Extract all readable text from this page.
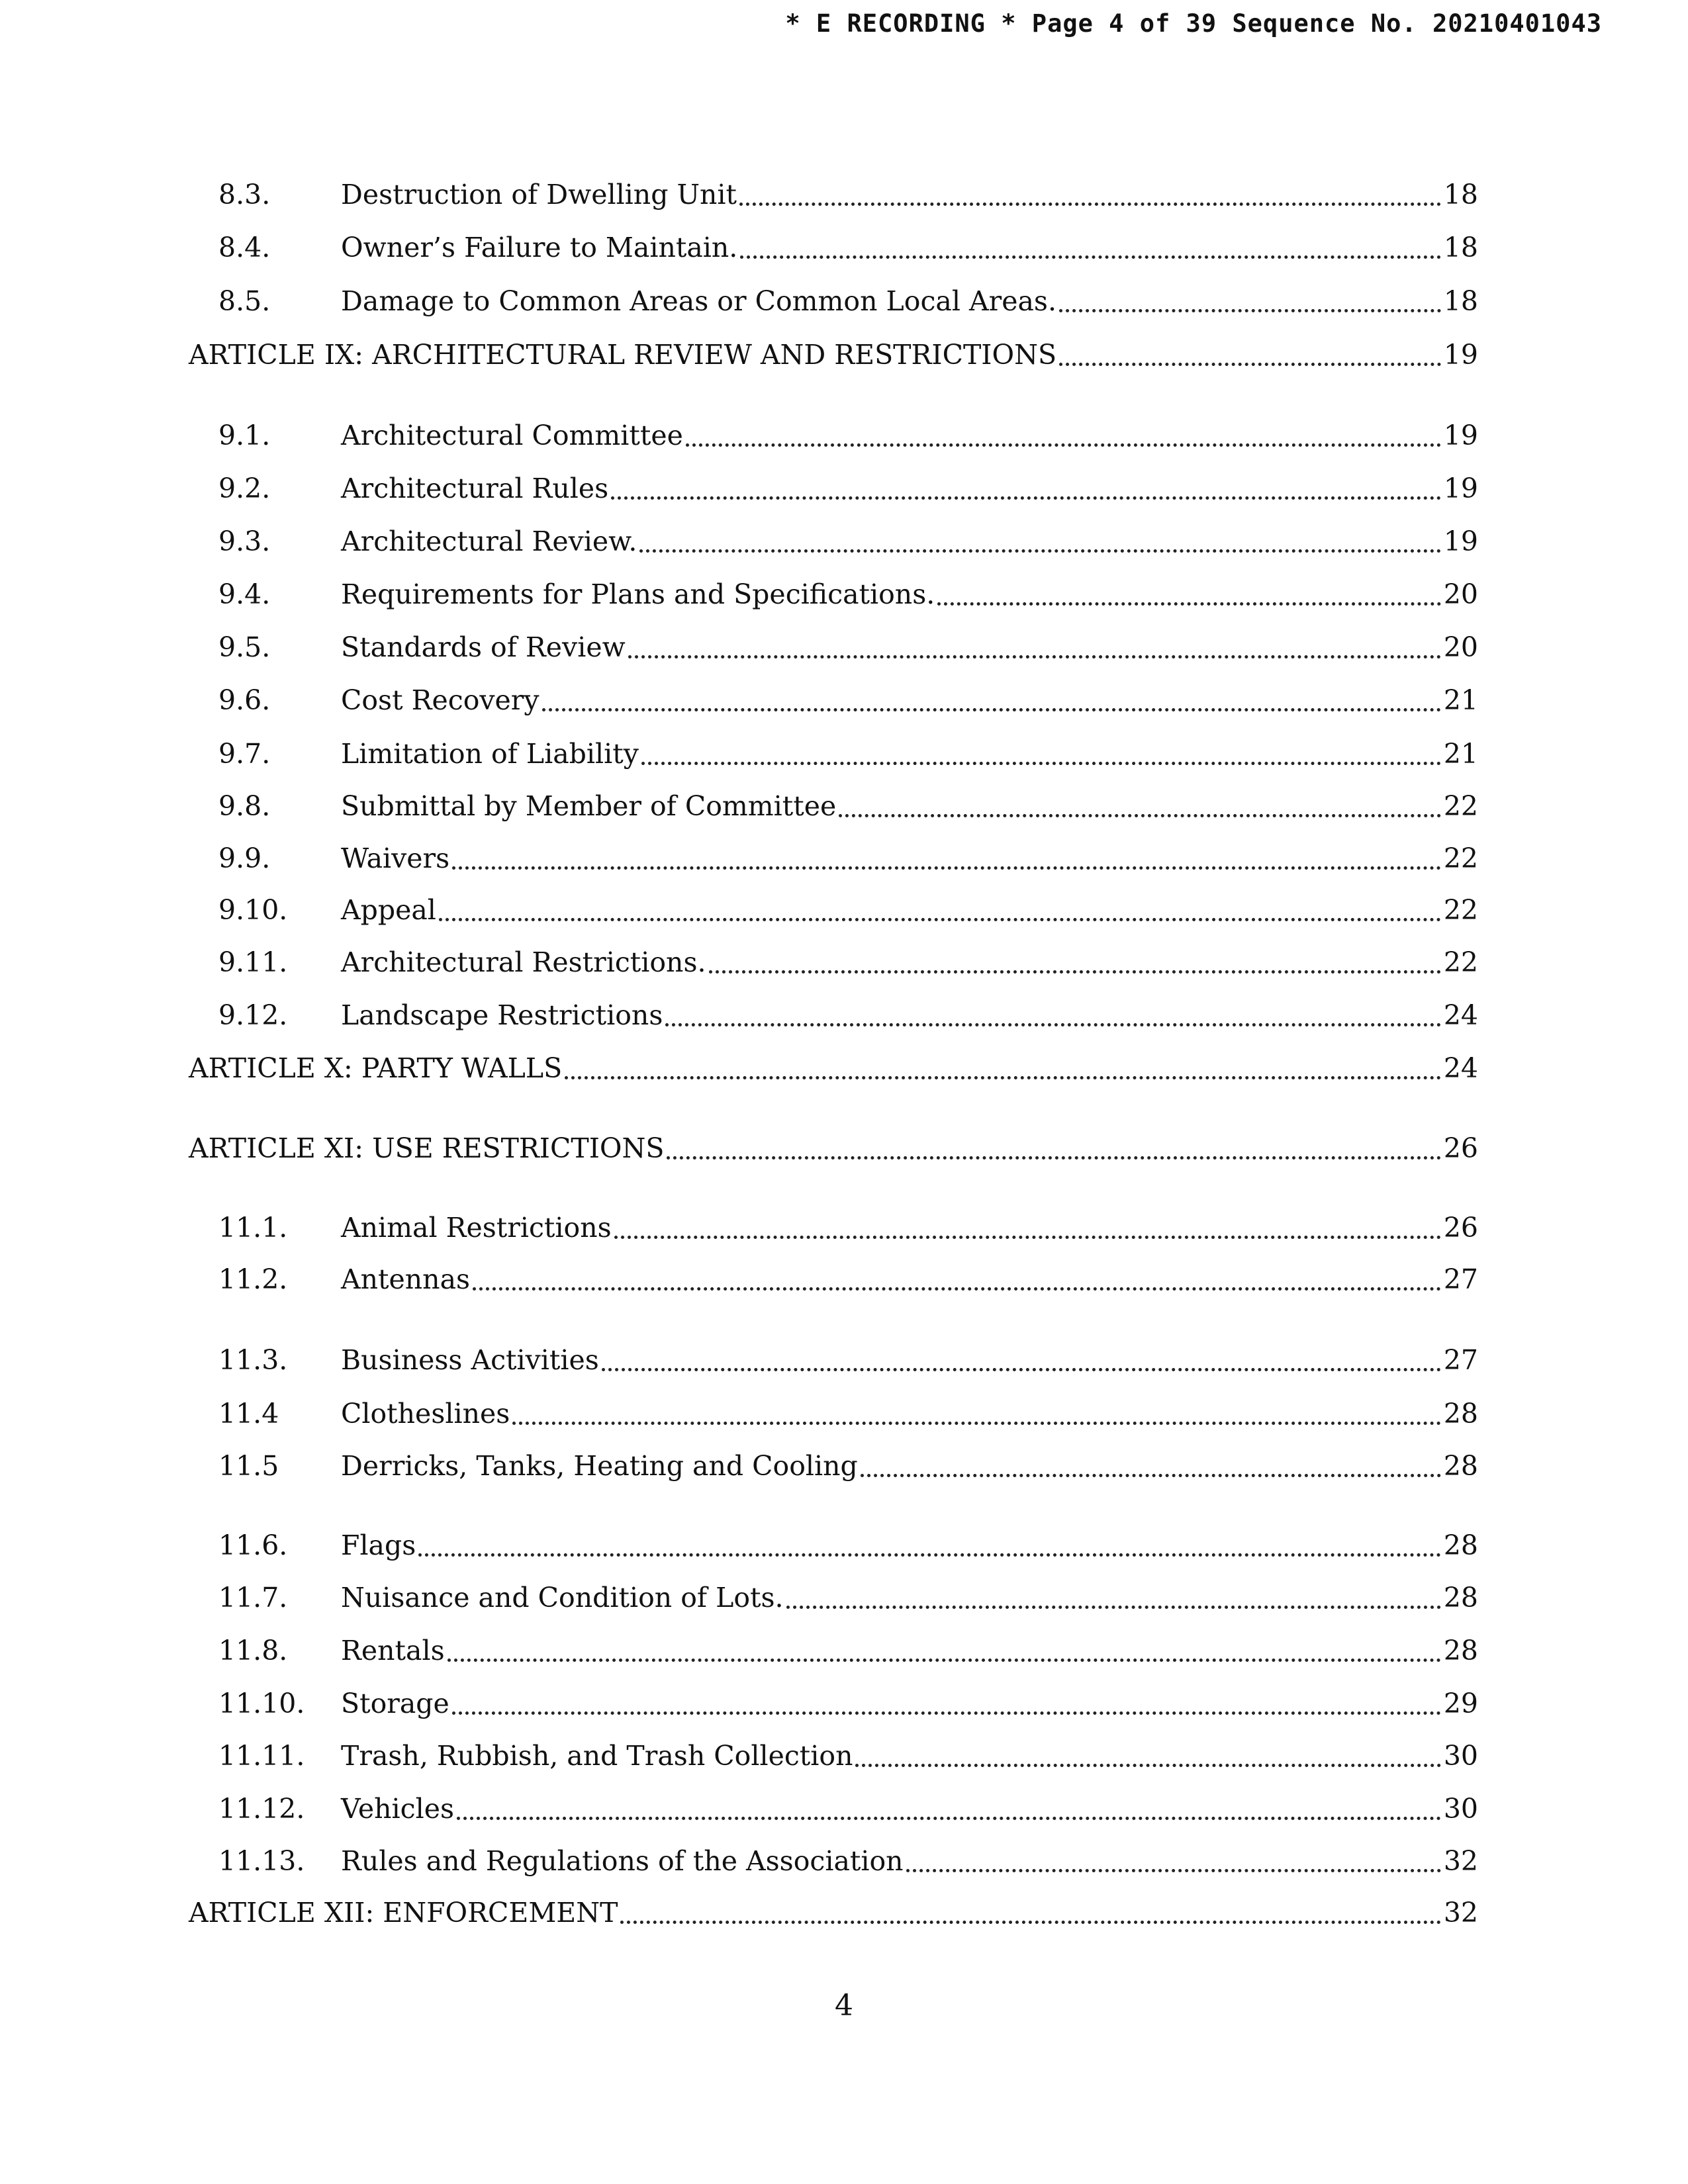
* E RECORDING * Page 4 of 39 Sequence No. 20210401043
8.3.	Destruction of Dwelling Unit	18
8.4.	Owner’s Failure to Maintain.	18
8.5.	Damage to Common Areas or Common Local Areas.	18
ARTICLE IX: ARCHITECTURAL REVIEW AND RESTRICTIONS	19
9.1.	Architectural Committee	19
9.2.	Architectural Rules	19
9.3.	Architectural Review.	19
9.4.	Requirements for Plans and Specifications.	20
9.5.	Standards of Review	20
9.6.	Cost Recovery	21
9.7.	Limitation of Liability	21
9.8.	Submittal by Member of Committee	22
9.9.	Waivers	22
9.10. Appeal	22
9.11. Architectural Restrictions.	22
9.12. Landscape Restrictions	24
ARTICLE X: PARTY WALLS	24
ARTICLE XI: USE RESTRICTIONS	26
11.1. Animal Restrictions	26
11.2. Antennas	27
11.3. Business Activities	27
11.4 Clotheslines	28
11.5 Derricks, Tanks, Heating and Cooling	28
11.6. Flags	28
11.7. Nuisance and Condition of Lots.	28
11.8. Rentals	28
11.10. Storage	29
11.11. Trash, Rubbish, and Trash Collection	30
11.12. Vehicles	30
11.13. Rules and Regulations of the Association	32
ARTICLE XII: ENFORCEMENT	32
4
